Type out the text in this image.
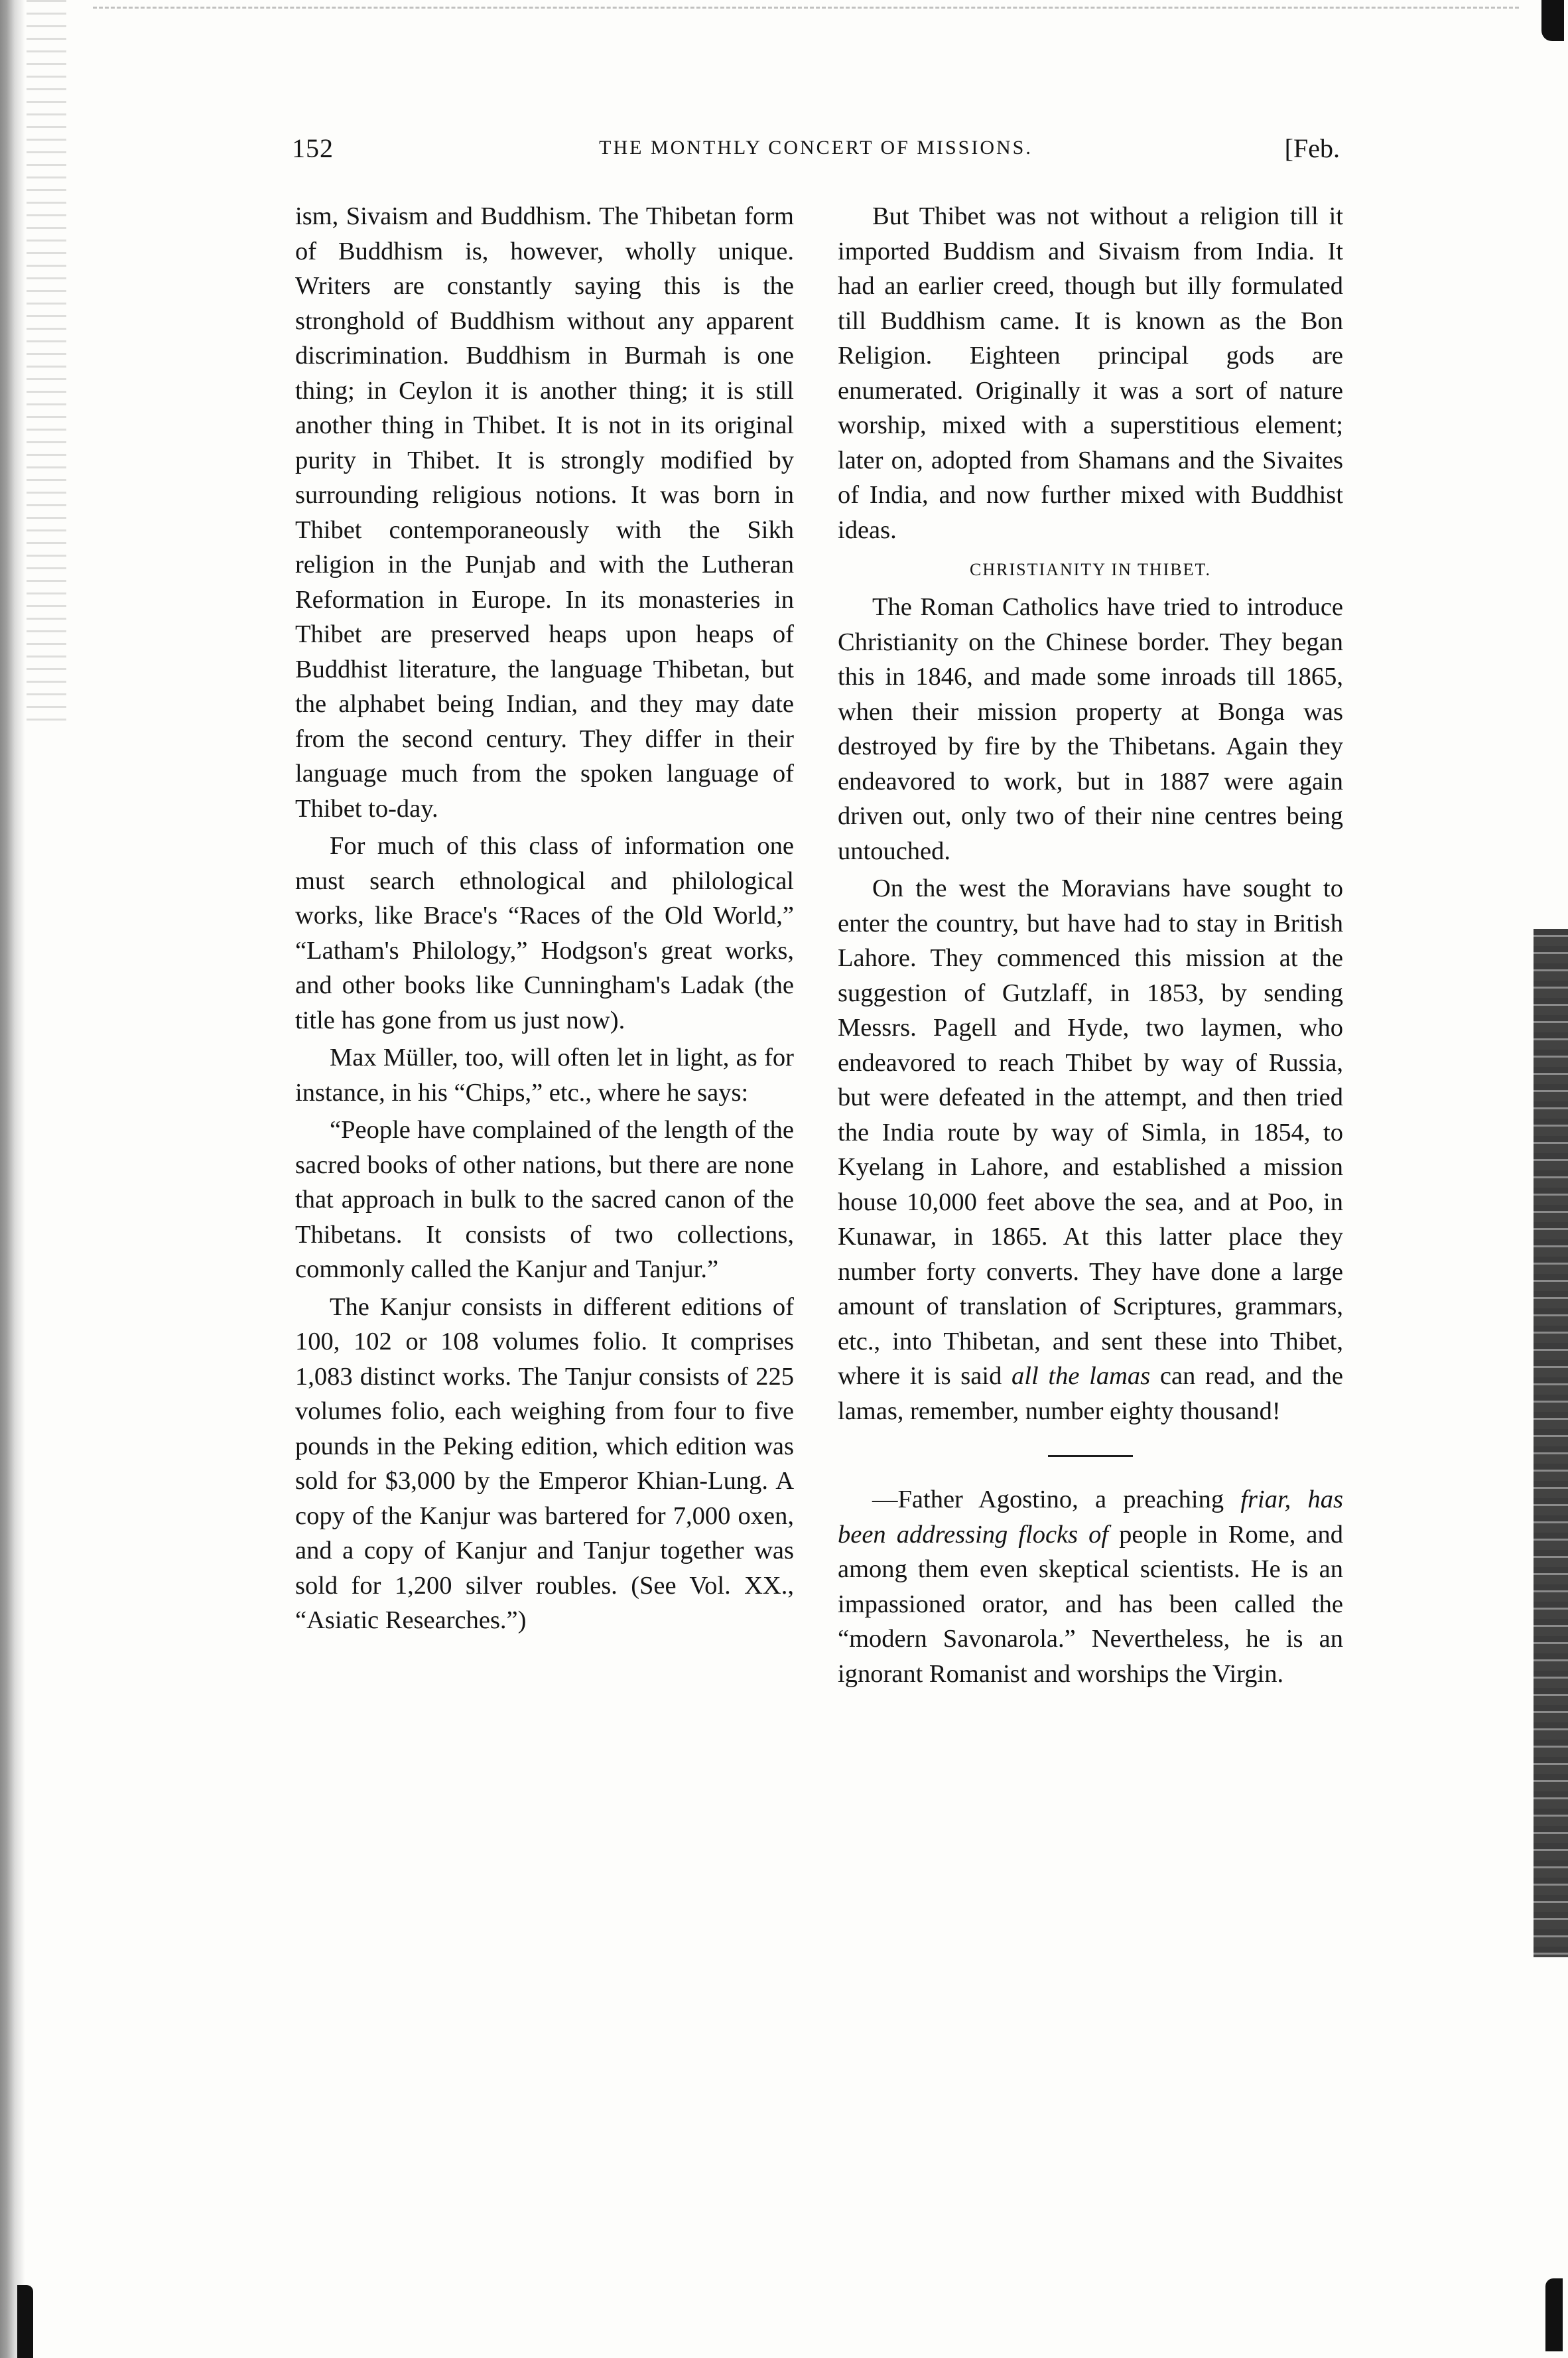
152	THE MONTHLY CONCERT OF MISSIONS.	[Feb.

ism, Sivaism and Buddhism. The Thibetan form of Buddhism is, however, wholly unique. Writers are constantly saying this is the stronghold of Buddhism without any apparent discrimination. Buddhism in Burmah is one thing; in Ceylon it is another thing; it is still another thing in Thibet. It is not in its original purity in Thibet. It is strongly modified by surrounding religious notions. It was born in Thibet contemporaneously with the Sikh religion in the Punjab and with the Lutheran Reformation in Europe. In its monasteries in Thibet are preserved heaps upon heaps of Buddhist literature, the language Thibetan, but the alphabet being Indian, and they may date from the second century. They differ in their language much from the spoken language of Thibet to-day.

For much of this class of information one must search ethnological and philological works, like Brace's “Races of the Old World,” “Latham's Philology,” Hodgson's great works, and other books like Cunningham's Ladak (the title has gone from us just now).

Max Müller, too, will often let in light, as for instance, in his “Chips,” etc., where he says:

“People have complained of the length of the sacred books of other nations, but there are none that approach in bulk to the sacred canon of the Thibetans. It consists of two collections, commonly called the Kanjur and Tanjur.”

The Kanjur consists in different editions of 100, 102 or 108 volumes folio. It comprises 1,083 distinct works. The Tanjur consists of 225 volumes folio, each weighing from four to five pounds in the Peking edition, which edition was sold for $3,000 by the Emperor Khian-Lung. A copy of the Kanjur was bartered for 7,000 oxen, and a copy of Kanjur and Tanjur together was sold for 1,200 silver roubles. (See Vol. XX., “Asiatic Researches.”)

But Thibet was not without a religion till it imported Buddism and Sivaism from India. It had an earlier creed, though but illy formulated till Buddhism came. It is known as the Bon Religion. Eighteen principal gods are enumerated. Originally it was a sort of nature worship, mixed with a superstitious element; later on, adopted from Shamans and the Sivaites of India, and now further mixed with Buddhist ideas.

CHRISTIANITY IN THIBET.

The Roman Catholics have tried to introduce Christianity on the Chinese border. They began this in 1846, and made some inroads till 1865, when their mission property at Bonga was destroyed by fire by the Thibetans. Again they endeavored to work, but in 1887 were again driven out, only two of their nine centres being untouched.

On the west the Moravians have sought to enter the country, but have had to stay in British Lahore. They commenced this mission at the suggestion of Gutzlaff, in 1853, by sending Messrs. Pagell and Hyde, two laymen, who endeavored to reach Thibet by way of Russia, but were defeated in the attempt, and then tried the India route by way of Simla, in 1854, to Kyelang in Lahore, and established a mission house 10,000 feet above the sea, and at Poo, in Kunawar, in 1865. At this latter place they number forty converts. They have done a large amount of translation of Scriptures, grammars, etc., into Thibetan, and sent these into Thibet, where it is said all the lamas can read, and the lamas, remember, number eighty thousand!

—Father Agostino, a preaching friar, has been addressing flocks of people in Rome, and among them even skeptical scientists. He is an impassioned orator, and has been called the “modern Savonarola.” Nevertheless, he is an ignorant Romanist and worships the Virgin.
